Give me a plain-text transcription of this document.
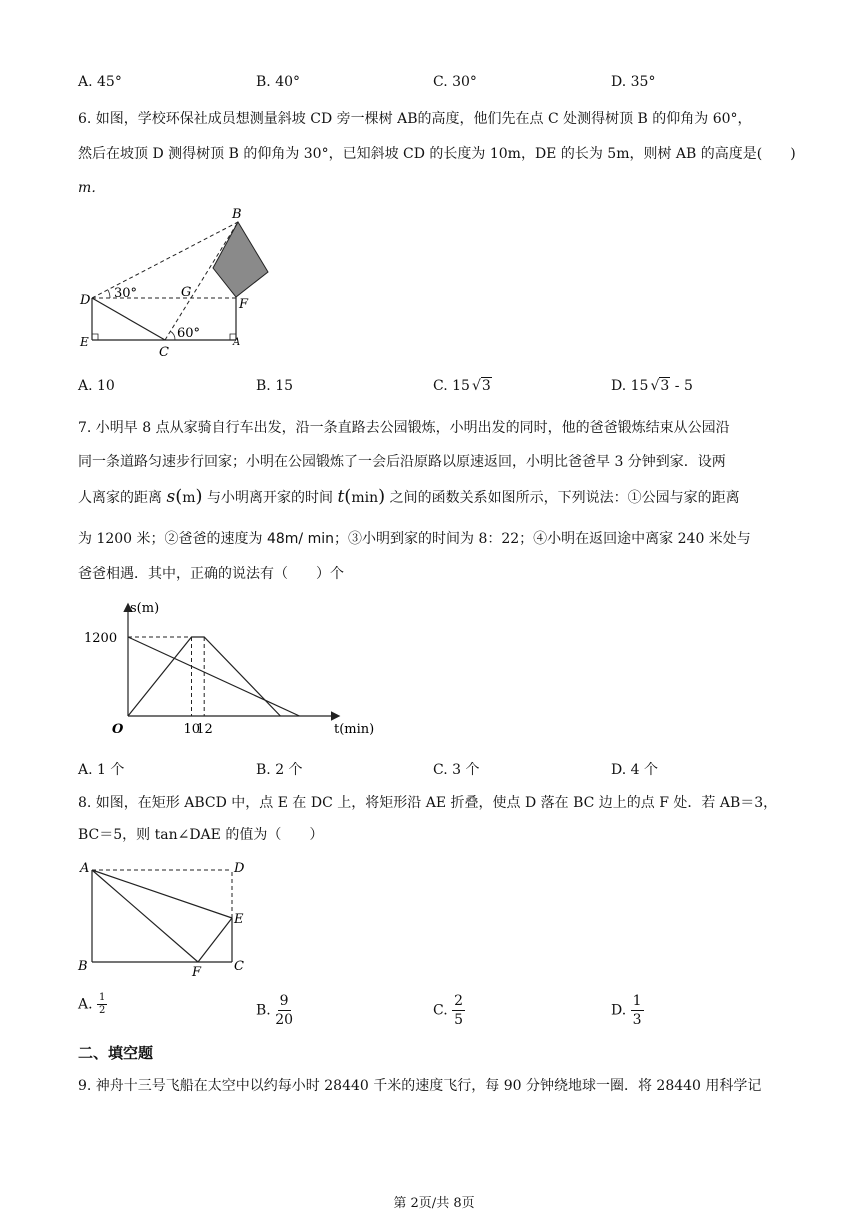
A. 45°	B. 40°	C. 30°	D. 35°
6. 如图，学校环保社成员想测量斜坡 CD 旁一棵树 AB的高度，他们先在点 C 处测得树顶 B 的仰角为 60°，
然后在坡顶 D 测得树顶 B 的仰角为 30°，已知斜坡 CD 的长度为 10m，DE 的长为 5m，则树 AB 的高度是(　　)
m．
B
D 30°	G
F
E
C
60°
A
A. 10	B. 15	C. 15 √3	D. 15 √3 - 5
7. 小明早 8 点从家骑自行车出发，沿一条直路去公园锻炼，小明出发的同时，他的爸爸锻炼结束从公园沿
同一条道路匀速步行回家；小明在公园锻炼了一会后沿原路以原速返回，小明比爸爸早 3 分钟到家．设两
人离家的距离 s(m) 与小明离开家的时间 t(min) 之间的函数关系如图所示，下列说法：①公园与家的距离
为 1200 米；②爸爸的速度为 48m/ min；③小明到家的时间为 8：22；④小明在返回途中离家 240 米处与
爸爸相遇．其中，正确的说法有（　　）个
10
12
1200
s(m)
t(min)
O
A. 1 个	B. 2 个	C. 3 个	D. 4 个
8. 如图，在矩形 ABCD 中，点 E 在 DC 上，将矩形沿 AE 折叠，使点 D 落在 BC 边上的点 F 处．若 AB＝3，
BC＝5，则 tan∠DAE 的值为（　　）
A	D
E
B	F	C
A. $\frac{1}{2}$	B. $\frac{9}{20}$	C. $\frac{2}{5}$	D. $\frac{1}{3}$
二、填空题
9. 神舟十三号飞船在太空中以约每小时 28440 千米的速度飞行，每 90 分钟绕地球一圈．将 28440 用科学记
第 2页/共 8页
